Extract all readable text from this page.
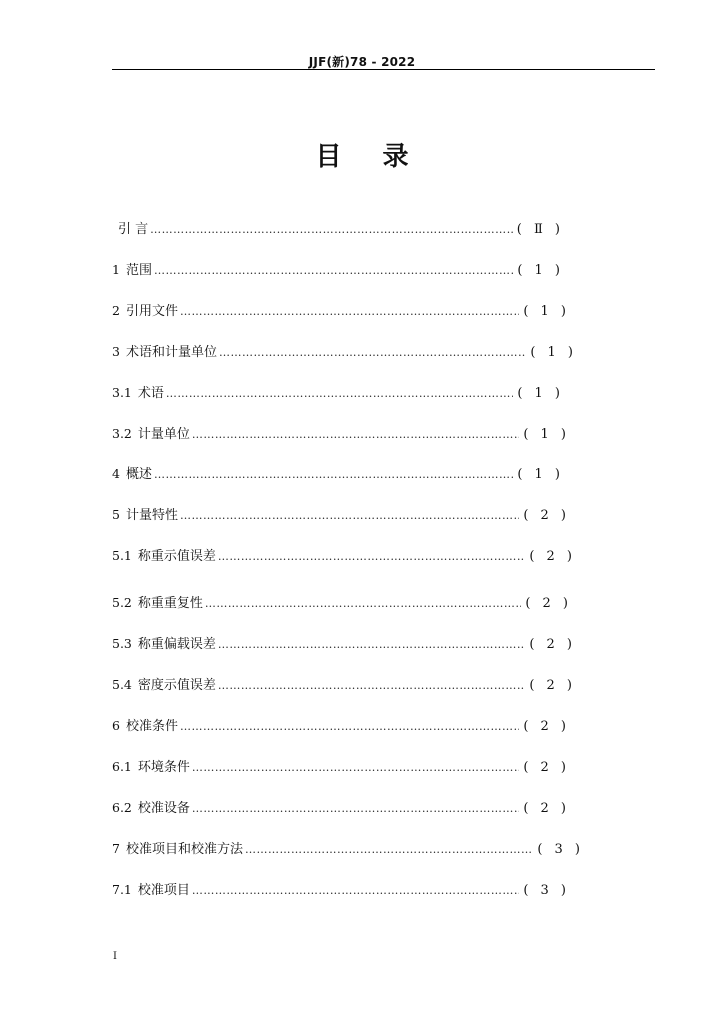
JJF(新)78 - 2022
目 录
引 言 ……………………………………………………………………………………………………………………………………………………	( Ⅱ )
1 范围 ……………………………………………………………………………………………………………………………………………………	( 1 )
2 引用文件 ……………………………………………………………………………………………………………………………………………………	( 1 )
3 术语和计量单位 ……………………………………………………………………………………………………………………………………………………	( 1 )
3.1 术语 ……………………………………………………………………………………………………………………………………………………	( 1 )
3.2 计量单位 ……………………………………………………………………………………………………………………………………………………	( 1 )
4 概述 ……………………………………………………………………………………………………………………………………………………	( 1 )
5 计量特性 ……………………………………………………………………………………………………………………………………………………	( 2 )
5.1 称重示值误差 ……………………………………………………………………………………………………………………………………………………	( 2 )
5.2 称重重复性 ……………………………………………………………………………………………………………………………………………………	( 2 )
5.3 称重偏载误差 ……………………………………………………………………………………………………………………………………………………	( 2 )
5.4 密度示值误差 ……………………………………………………………………………………………………………………………………………………	( 2 )
6 校准条件 ……………………………………………………………………………………………………………………………………………………	( 2 )
6.1 环境条件 ……………………………………………………………………………………………………………………………………………………	( 2 )
6.2 校准设备 ……………………………………………………………………………………………………………………………………………………	( 2 )
7 校准项目和校准方法 ……………………………………………………………………………………………………………………………………………………	( 3 )
7.1 校准项目 ……………………………………………………………………………………………………………………………………………………	( 3 )
I
